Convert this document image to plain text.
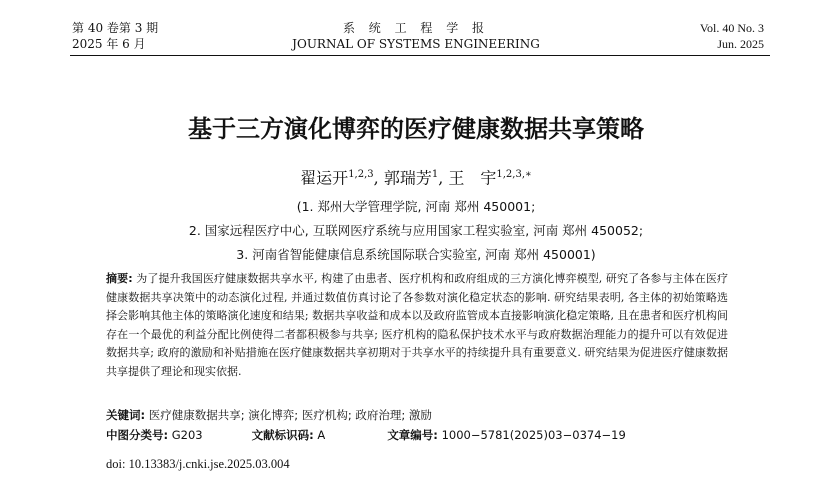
第 40 卷第 3 期
2025 年 6 月
系 统 工 程 学 报
JOURNAL OF SYSTEMS ENGINEERING
Vol. 40 No. 3
Jun. 2025
基于三方演化博弈的医疗健康数据共享策略
翟运开$^{1,2,3}$, 郭瑞芳$^1$, 王　宇$^{1,2,3,∗}$
(1. 郑州大学管理学院, 河南 郑州 450001;
2. 国家远程医疗中心, 互联网医疗系统与应用国家工程实验室, 河南 郑州 450052;
3. 河南省智能健康信息系统国际联合实验室, 河南 郑州 450001)
摘要: 为了提升我国医疗健康数据共享水平, 构建了由患者、医疗机构和政府组成的三方演化博弈模型, 研究了各参与主体在医疗健康数据共享决策中的动态演化过程, 并通过数值仿真讨论了各参数对演化稳定状态的影响. 研究结果表明, 各主体的初始策略选择会影响其他主体的策略演化速度和结果; 数据共享收益和成本以及政府监管成本直接影响演化稳定策略, 且在患者和医疗机构间存在一个最优的利益分配比例使得二者都积极参与共享; 医疗机构的隐私保护技术水平与政府数据治理能力的提升可以有效促进数据共享; 政府的激励和补贴措施在医疗健康数据共享初期对于共享水平的持续提升具有重要意义. 研究结果为促进医疗健康数据共享提供了理论和现实依据.
关键词: 医疗健康数据共享; 演化博弈; 医疗机构; 政府治理; 激励
中图分类号: G203	文献标识码: A	文章编号: 1000−5781(2025)03−0374−19
doi: 10.13383/j.cnki.jse.2025.03.004
